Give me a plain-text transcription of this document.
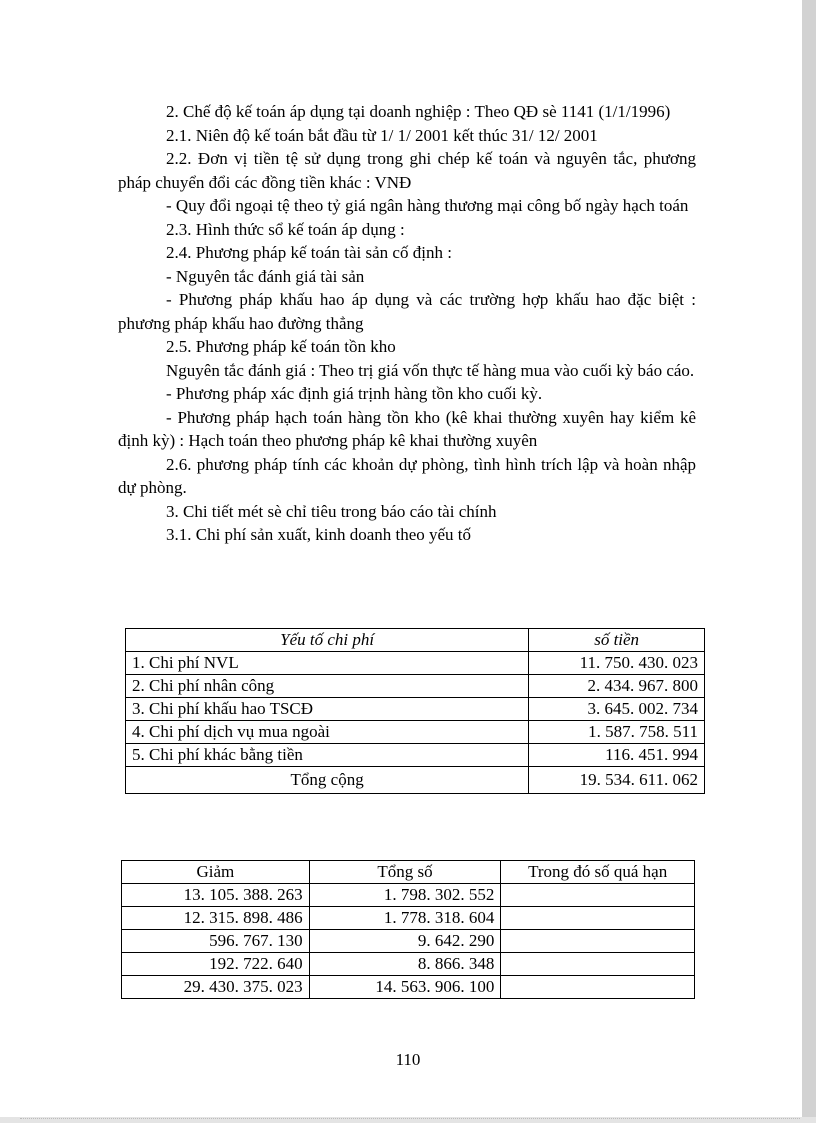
2. Chế độ kế toán áp dụng tại doanh nghiệp : Theo QĐ sè 1141 (1/1/1996)

2.1. Niên độ kế toán bắt đầu từ 1/ 1/ 2001 kết thúc 31/ 12/ 2001

2.2. Đơn vị tiền tệ sử dụng trong ghi chép kế toán và nguyên tắc, phương pháp chuyển đổi các đồng tiền khác : VNĐ

- Quy đổi ngoại tệ theo tỷ giá ngân hàng thương mại công bố ngày hạch toán

2.3. Hình thức sổ kế toán áp dụng :

2.4. Phương pháp kế toán tài sản cố định :

- Nguyên tắc đánh giá tài sản

- Phương pháp khấu hao áp dụng và các trường hợp khấu hao đặc biệt : phương pháp khấu hao đường thẳng

2.5. Phương pháp kế toán tồn kho

Nguyên tắc đánh giá : Theo trị giá vốn thực tế hàng mua vào cuối kỳ báo cáo.

- Phương pháp xác định giá trịnh hàng tồn kho cuối kỳ.

- Phương pháp hạch toán hàng tồn kho (kê khai thường xuyên hay kiểm kê định kỳ) : Hạch toán theo phương pháp kê khai thường xuyên

2.6. phương pháp tính các khoản dự phòng, tình hình trích lập và hoàn nhập dự phòng.

3. Chi tiết mét sè chỉ tiêu trong báo cáo tài chính

3.1. Chi phí sản xuất, kinh doanh theo yếu tố

Yếu tố chi phí	số tiền
1. Chi phí NVL	11. 750. 430. 023
2. Chi phí nhân công	2. 434. 967. 800
3. Chi phí khấu hao TSCĐ	3. 645. 002. 734
4. Chi phí dịch vụ mua ngoài	1. 587. 758. 511
5. Chi phí khác bằng tiền	116. 451. 994
Tổng cộng	19. 534. 611. 062
Giảm	Tổng số	Trong đó số quá hạn
13. 105. 388. 263	1. 798. 302. 552	
12. 315. 898. 486	1. 778. 318. 604	
596. 767. 130	9. 642. 290	
192. 722. 640	8. 866. 348	
29. 430. 375. 023	14. 563. 906. 100	
110
